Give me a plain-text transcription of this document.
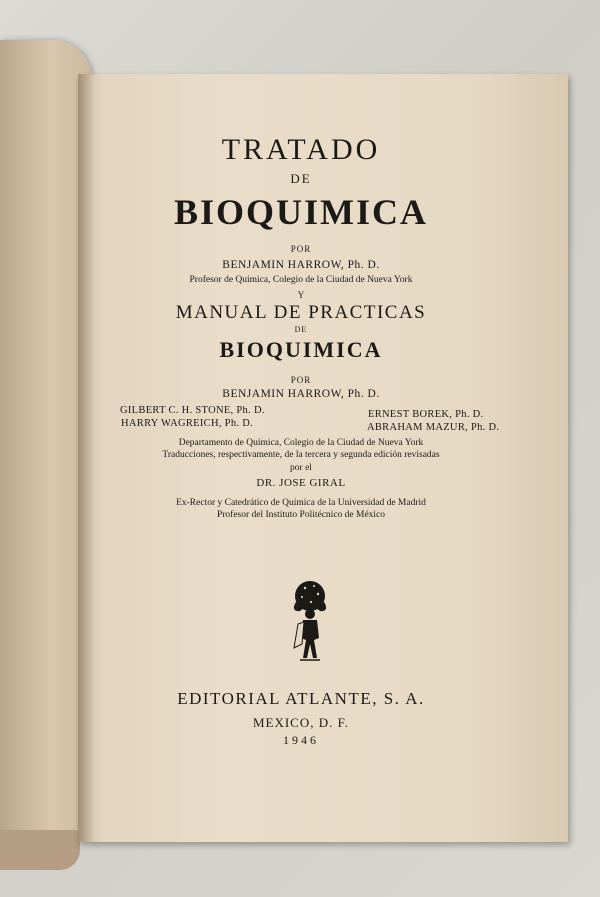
TRATADO
DE
BIOQUIMICA
POR
BENJAMIN HARROW, Ph. D.
Profesor de Química, Colegio de la Ciudad de Nueva York
Y
MANUAL DE PRACTICAS
DE
BIOQUIMICA
POR
BENJAMIN HARROW, Ph. D.
GILBERT C. H. STONE, Ph. D.
HARRY WAGREICH, Ph. D.
ERNEST BOREK, Ph. D.
ABRAHAM MAZUR, Ph. D.
Departamento de Química, Colegio de la Ciudad de Nueva York
Traducciones, respectivamente, de la tercera y segunda edición revisadas
por el
DR. JOSE GIRAL
Ex-Rector y Catedrático de Química de la Universidad de Madrid
Profesor del Instituto Politécnico de México
EDITORIAL ATLANTE, S. A.
MEXICO, D. F.
1946
